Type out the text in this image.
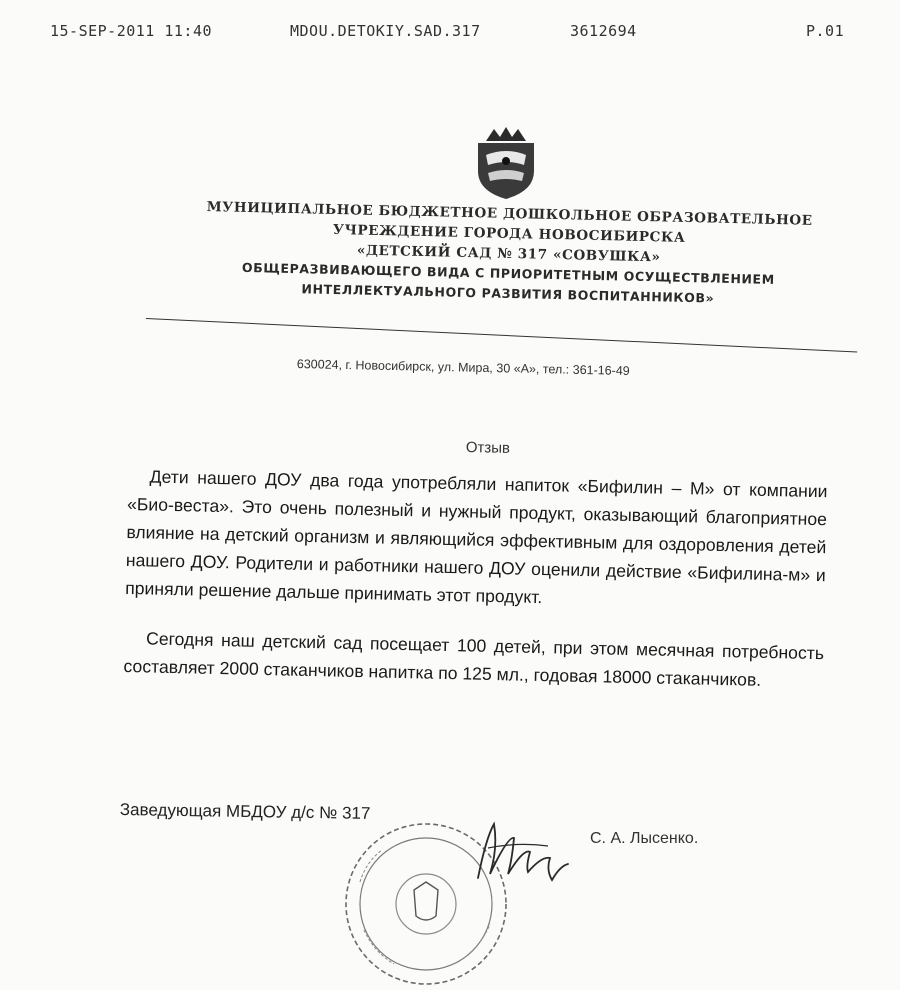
15-SEP-2011 11:40	MDOU.DETOKIY.SAD.317	3612694	P.01
МУНИЦИПАЛЬНОЕ БЮДЖЕТНОЕ ДОШКОЛЬНОЕ ОБРАЗОВАТЕЛЬНОЕ
УЧРЕЖДЕНИЕ ГОРОДА НОВОСИБИРСКА
«ДЕТСКИЙ САД № 317 «СОВУШКА»
ОБЩЕРАЗВИВАЮЩЕГО ВИДА С ПРИОРИТЕТНЫМ ОСУЩЕСТВЛЕНИЕМ
ИНТЕЛЛЕКТУАЛЬНОГО РАЗВИТИЯ ВОСПИТАННИКОВ»
630024, г. Новосибирск, ул. Мира, 30 «А», тел.: 361-16-49
Отзыв

Дети нашего ДОУ два года употребляли напиток «Бифилин – М» от компании «Био-веста». Это очень полезный и нужный продукт, оказывающий благоприятное влияние на детский организм и являющийся эффективным для оздоровления детей нашего ДОУ. Родители и работники нашего ДОУ оценили действие «Бифилина-м» и приняли решение дальше принимать этот продукт.

Сегодня наш детский сад посещает 100 детей, при этом месячная потребность составляет 2000 стаканчиков напитка по 125 мл., годовая 18000 стаканчиков.

Заведующая МБДОУ д/с № 317
С. А. Лысенко.
